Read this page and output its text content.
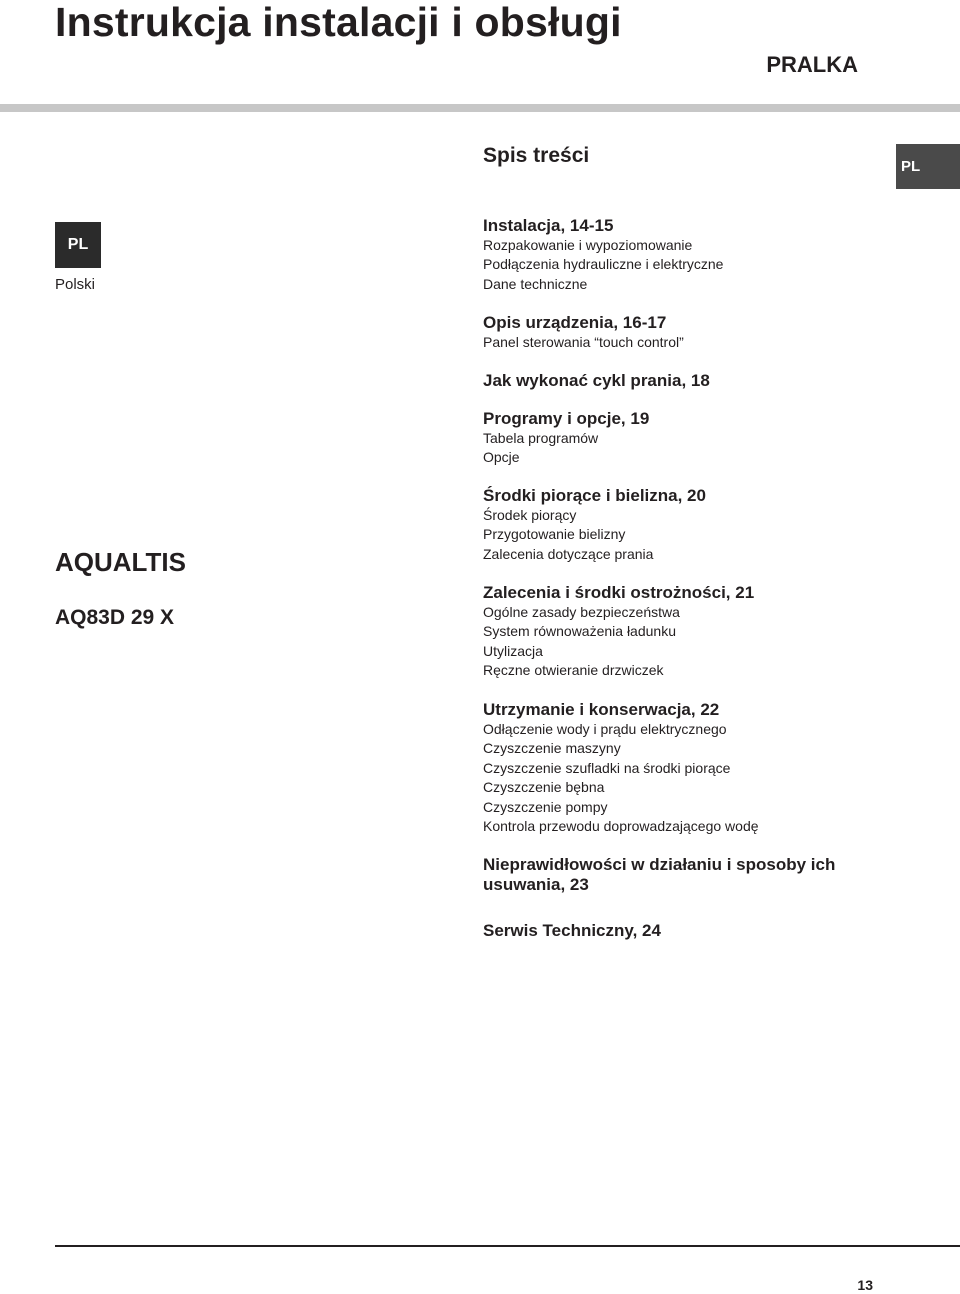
Instrukcja instalacji i obsługi
PRALKA
Spis treści	PL
PL
Polski
AQUALTIS
AQ83D 29 X

Instalacja, 14-15

Rozpakowanie i wypoziomowanie

Podłączenia hydrauliczne i elektryczne

Dane techniczne

Opis urządzenia, 16-17

Panel sterowania “touch control”

Jak wykonać cykl prania, 18

Programy i opcje, 19

Tabela programów

Opcje

Środki piorące i bielizna, 20

Środek piorący

Przygotowanie bielizny

Zalecenia dotyczące prania

Zalecenia i środki ostrożności, 21

Ogólne zasady bezpieczeństwa

System równoważenia ładunku

Utylizacja

Ręczne otwieranie drzwiczek

Utrzymanie i konserwacja, 22

Odłączenie wody i prądu elektrycznego

Czyszczenie maszyny

Czyszczenie szufladki na środki piorące

Czyszczenie bębna

Czyszczenie pompy

Kontrola przewodu doprowadzającego wodę

Nieprawidłowości w działaniu i sposoby ich usuwania, 23

Serwis Techniczny, 24

13
